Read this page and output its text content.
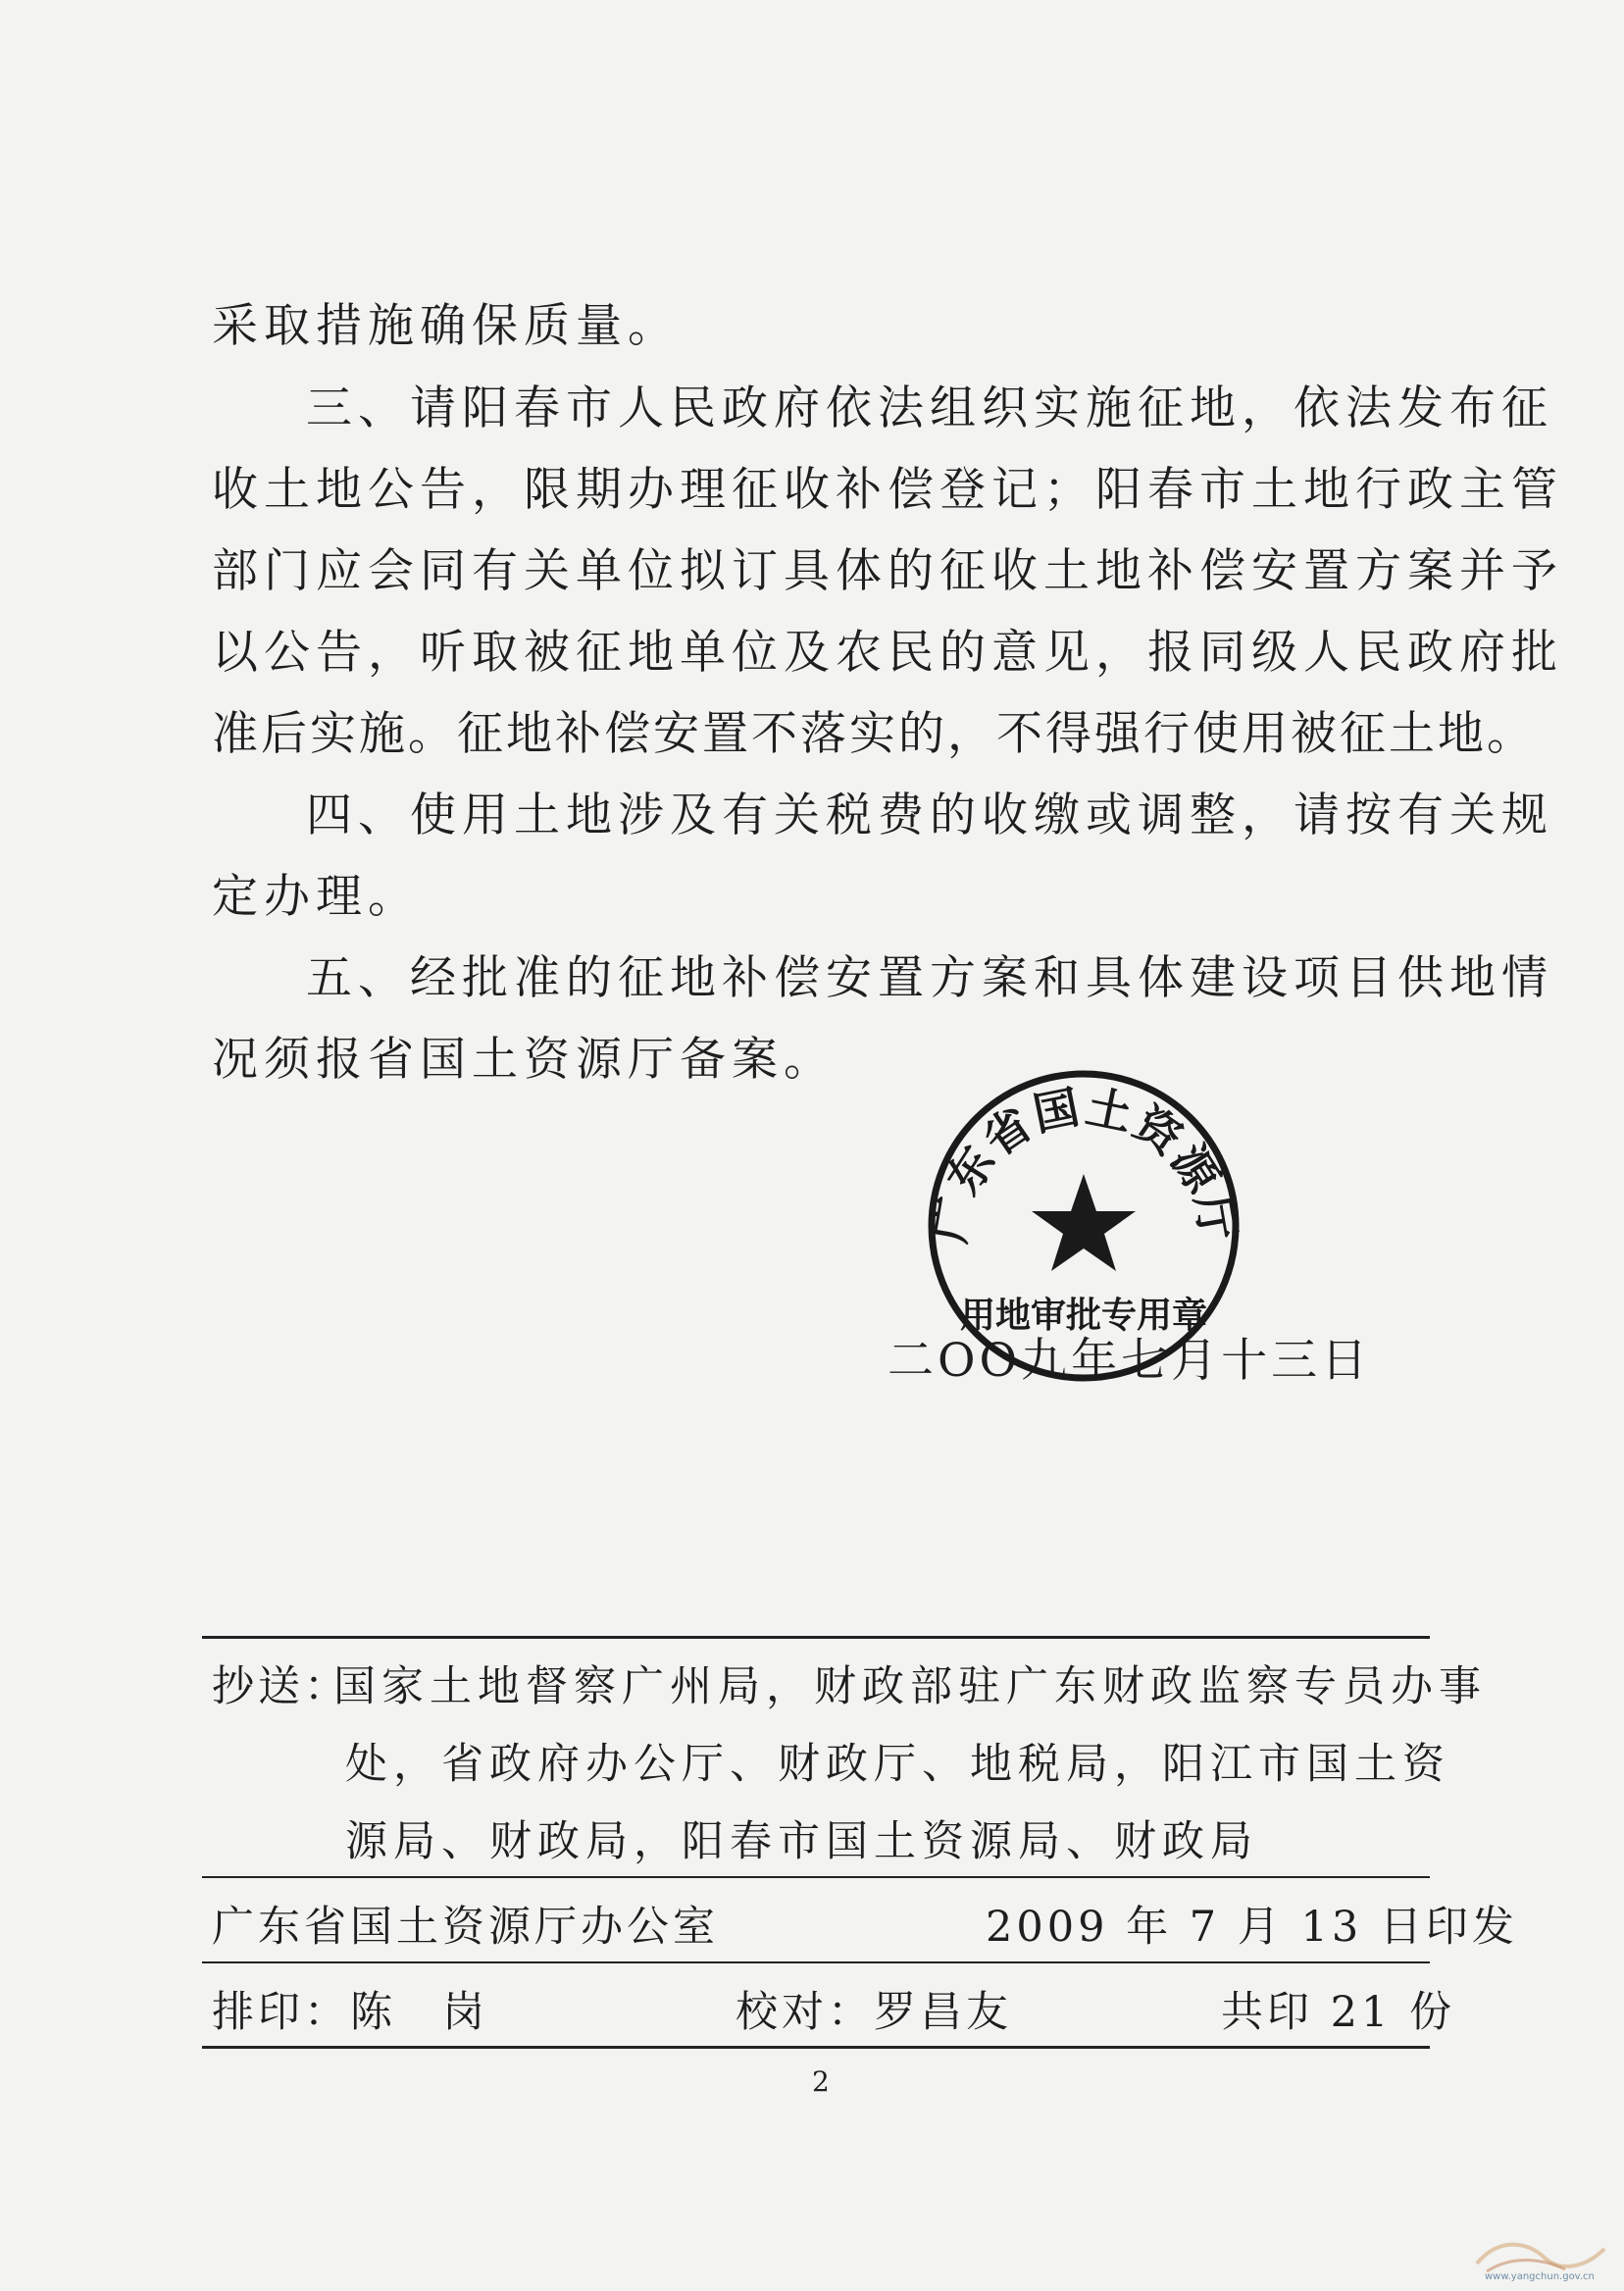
采取措施确保质量。
三、请阳春市人民政府依法组织实施征地，依法发布征
收土地公告，限期办理征收补偿登记；阳春市土地行政主管
部门应会同有关单位拟订具体的征收土地补偿安置方案并予
以公告，听取被征地单位及农民的意见，报同级人民政府批
准后实施。征地补偿安置不落实的，不得强行使用被征土地。
四、使用土地涉及有关税费的收缴或调整，请按有关规
定办理。
五、经批准的征地补偿安置方案和具体建设项目供地情
况须报省国土资源厅备案。
二OO九年七月十三日
广东省国土资源厅
用地审批专用章
抄送：
国家土地督察广州局，财政部驻广东财政监察专员办事
处，省政府办公厅、财政厅、地税局，阳江市国土资
源局、财政局，阳春市国土资源局、财政局
广东省国土资源厅办公室	2009 年 7 月 13 日印发
排印：陈　岗	校对：罗昌友	共印 21 份
2
www.yangchun.gov.cn
